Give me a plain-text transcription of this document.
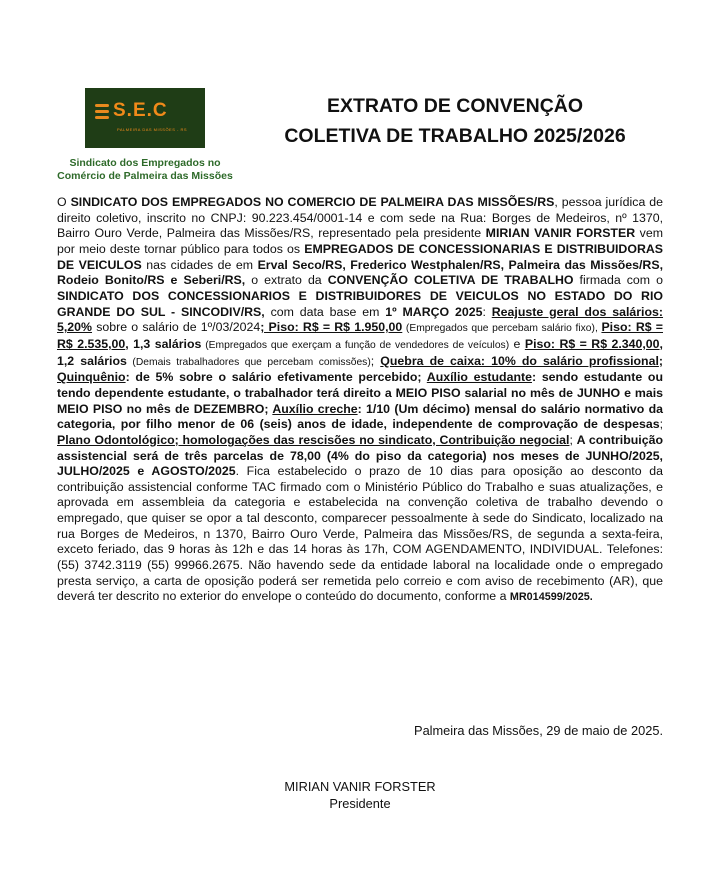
S.E.C
PALMEIRA DAS MISSÕES - RS
Sindicato dos Empregados no
Comércio de Palmeira das Missões
EXTRATO DE CONVENÇÃO
COLETIVA DE TRABALHO 2025/2026
O SINDICATO DOS EMPREGADOS NO COMERCIO DE PALMEIRA DAS MISSÕES/RS, pessoa jurídica de direito coletivo, inscrito no CNPJ: 90.223.454/0001-14 e com sede na Rua: Borges de Medeiros, nº 1370, Bairro Ouro Verde, Palmeira das Missões/RS, representado pela presidente MIRIAN VANIR FORSTER vem por meio deste tornar público para todos os EMPREGADOS DE CONCESSIONARIAS E DISTRIBUIDORAS DE VEICULOS nas cidades de em Erval Seco/RS, Frederico Westphalen/RS, Palmeira das Missões/RS, Rodeio Bonito/RS e Seberi/RS, o extrato da CONVENÇÃO COLETIVA DE TRABALHO firmada com o SINDICATO DOS CONCESSIONARIOS E DISTRIBUIDORES DE VEICULOS NO ESTADO DO RIO GRANDE DO SUL - SINCODIV/RS, com data base em 1º MARÇO 2025: Reajuste geral dos salários: 5,20% sobre o salário de 1º/03/2024; Piso: R$ = R$ 1.950,00 (Empregados que percebam salário fixo), Piso: R$ = R$ 2.535,00, 1,3 salários (Empregados que exerçam a função de vendedores de veículos) e Piso: R$ = R$ 2.340,00, 1,2 salários (Demais trabalhadores que percebam comissões); Quebra de caixa: 10% do salário profissional; Quinquênio: de 5% sobre o salário efetivamente percebido; Auxílio estudante: sendo estudante ou tendo dependente estudante, o trabalhador terá direito a MEIO PISO salarial no mês de JUNHO e mais MEIO PISO no mês de DEZEMBRO; Auxílio creche: 1/10 (Um décimo) mensal do salário normativo da categoria, por filho menor de 06 (seis) anos de idade, independente de comprovação de despesas; Plano Odontológico; homologações das rescisões no sindicato, Contribuição negocial; A contribuição assistencial será de três parcelas de 78,00 (4% do piso da categoria) nos meses de JUNHO/2025, JULHO/2025 e AGOSTO/2025. Fica estabelecido o prazo de 10 dias para oposição ao desconto da contribuição assistencial conforme TAC firmado com o Ministério Público do Trabalho e suas atualizações, e aprovada em assembleia da categoria e estabelecida na convenção coletiva de trabalho devendo o empregado, que quiser se opor a tal desconto, comparecer pessoalmente à sede do Sindicato, localizado na rua Borges de Medeiros, n 1370, Bairro Ouro Verde, Palmeira das Missões/RS, de segunda a sexta-feira, exceto feriado, das 9 horas às 12h e das 14 horas às 17h, COM AGENDAMENTO, INDIVIDUAL. Telefones: (55) 3742.3119 (55) 99966.2675. Não havendo sede da entidade laboral na localidade onde o empregado presta serviço, a carta de oposição poderá ser remetida pelo correio e com aviso de recebimento (AR), que deverá ter descrito no exterior do envelope o conteúdo do documento, conforme a MR014599/2025.
Palmeira das Missões, 29 de maio de 2025.
MIRIAN VANIR FORSTER
Presidente
